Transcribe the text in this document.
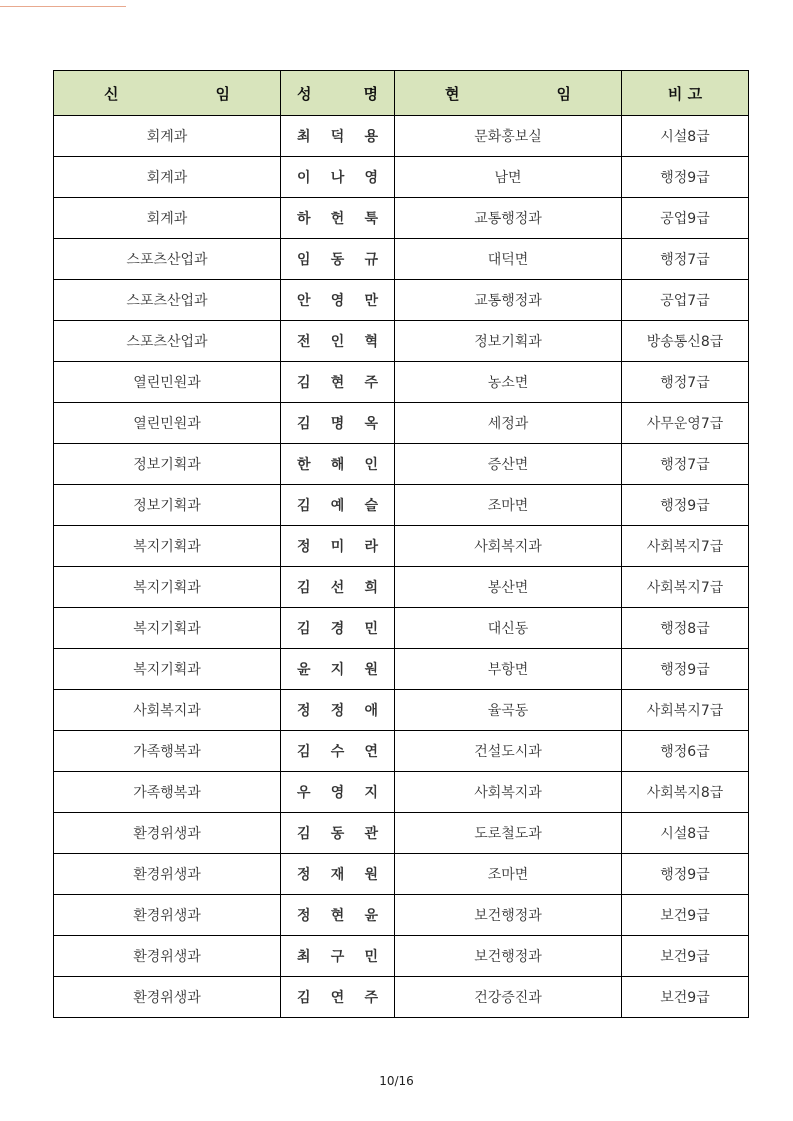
신 임	성 명	현 임	비 고
회계과	최 덕 용	문화홍보실	시설8급
회계과	이 나 영	남면	행정9급
회계과	하 헌 툭	교통행정과	공업9급
스포츠산업과	임 동 규	대덕면	행정7급
스포츠산업과	안 영 만	교통행정과	공업7급
스포츠산업과	전 인 혁	정보기획과	방송통신8급
열린민원과	김 현 주	농소면	행정7급
열린민원과	김 명 옥	세정과	사무운영7급
정보기획과	한 해 인	증산면	행정7급
정보기획과	김 예 슬	조마면	행정9급
복지기획과	정 미 라	사회복지과	사회복지7급
복지기획과	김 선 희	봉산면	사회복지7급
복지기획과	김 경 민	대신동	행정8급
복지기획과	윤 지 원	부항면	행정9급
사회복지과	정 정 애	율곡동	사회복지7급
가족행복과	김 수 연	건설도시과	행정6급
가족행복과	우 영 지	사회복지과	사회복지8급
환경위생과	김 동 관	도로철도과	시설8급
환경위생과	정 재 원	조마면	행정9급
환경위생과	정 현 윤	보건행정과	보건9급
환경위생과	최 구 민	보건행정과	보건9급
환경위생과	김 연 주	건강증진과	보건9급
10/16
